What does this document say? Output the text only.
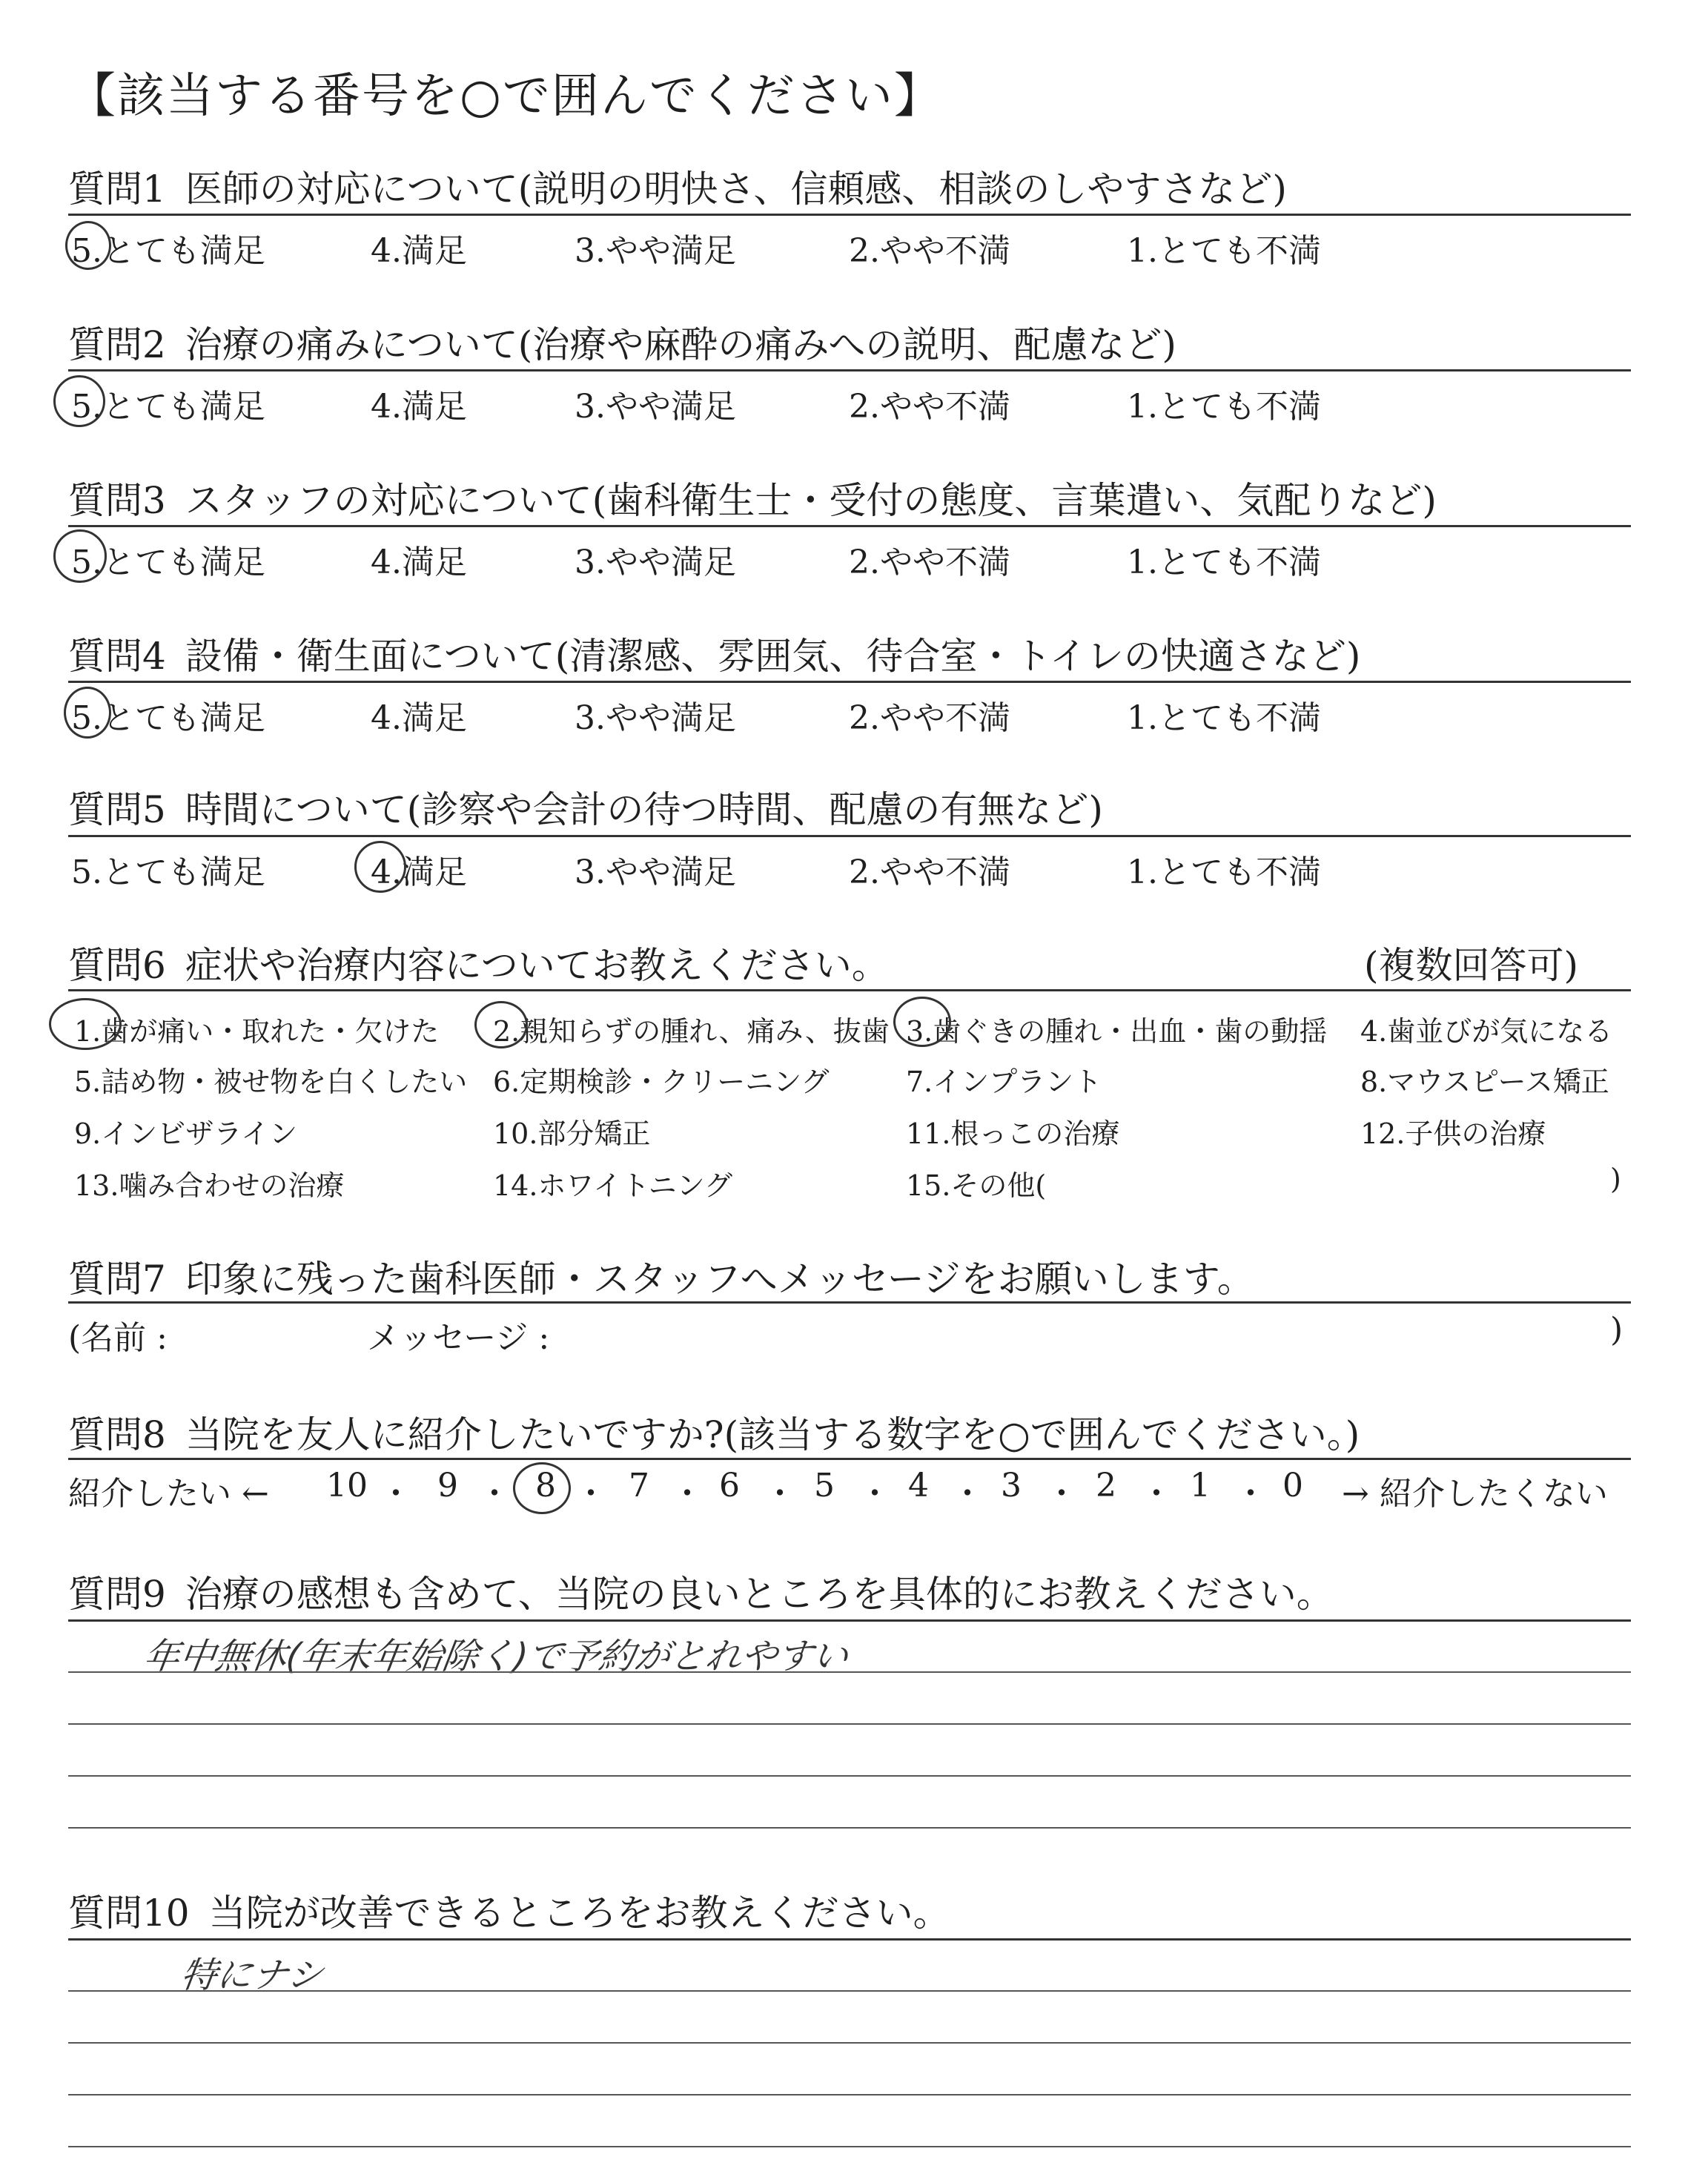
【該当する番号を○で囲んでください】
質問1 医師の対応について(説明の明快さ、信頼感、相談のしやすさなど)
5.とても満足	4.満足	3.やや満足	2.やや不満	1.とても不満
質問2 治療の痛みについて(治療や麻酔の痛みへの説明、配慮など)
5.とても満足	4.満足	3.やや満足	2.やや不満	1.とても不満
質問3 スタッフの対応について(歯科衛生士・受付の態度、言葉遣い、気配りなど)
5.とても満足	4.満足	3.やや満足	2.やや不満	1.とても不満
質問4 設備・衛生面について(清潔感、雰囲気、待合室・トイレの快適さなど)
5.とても満足	4.満足	3.やや満足	2.やや不満	1.とても不満
質問5 時間について(診察や会計の待つ時間、配慮の有無など)
5.とても満足	4.満足	3.やや満足	2.やや不満	1.とても不満
質問6 症状や治療内容についてお教えください。	(複数回答可)
1.歯が痛い・取れた・欠けた 2.親知らずの腫れ、痛み、抜歯 3.歯ぐきの腫れ・出血・歯の動揺 4.歯並びが気になる
5.詰め物・被せ物を白くしたい 6.定期検診・クリーニング	7.インプラント	8.マウスピース矯正
9.インビザライン	10.部分矯正	11.根っこの治療	12.子供の治療
13.噛み合わせの治療	14.ホワイトニング	15.その他(	)
質問7 印象に残った歯科医師・スタッフへメッセージをお願いします。
(名前 :	メッセージ :	)
質問8 当院を友人に紹介したいですか?(該当する数字を○で囲んでください。)
紹介したい ← 10 ・ 9 ・ 8 ・ 7 ・ 6 ・ 5 ・ 4 ・ 3 ・ 2 ・ 1 ・ 0 → 紹介したくない
質問9 治療の感想も含めて、当院の良いところを具体的にお教えください。
年中無休(年末年始除く)で予約がとれやすい
質問10 当院が改善できるところをお教えください。
特にナシ
